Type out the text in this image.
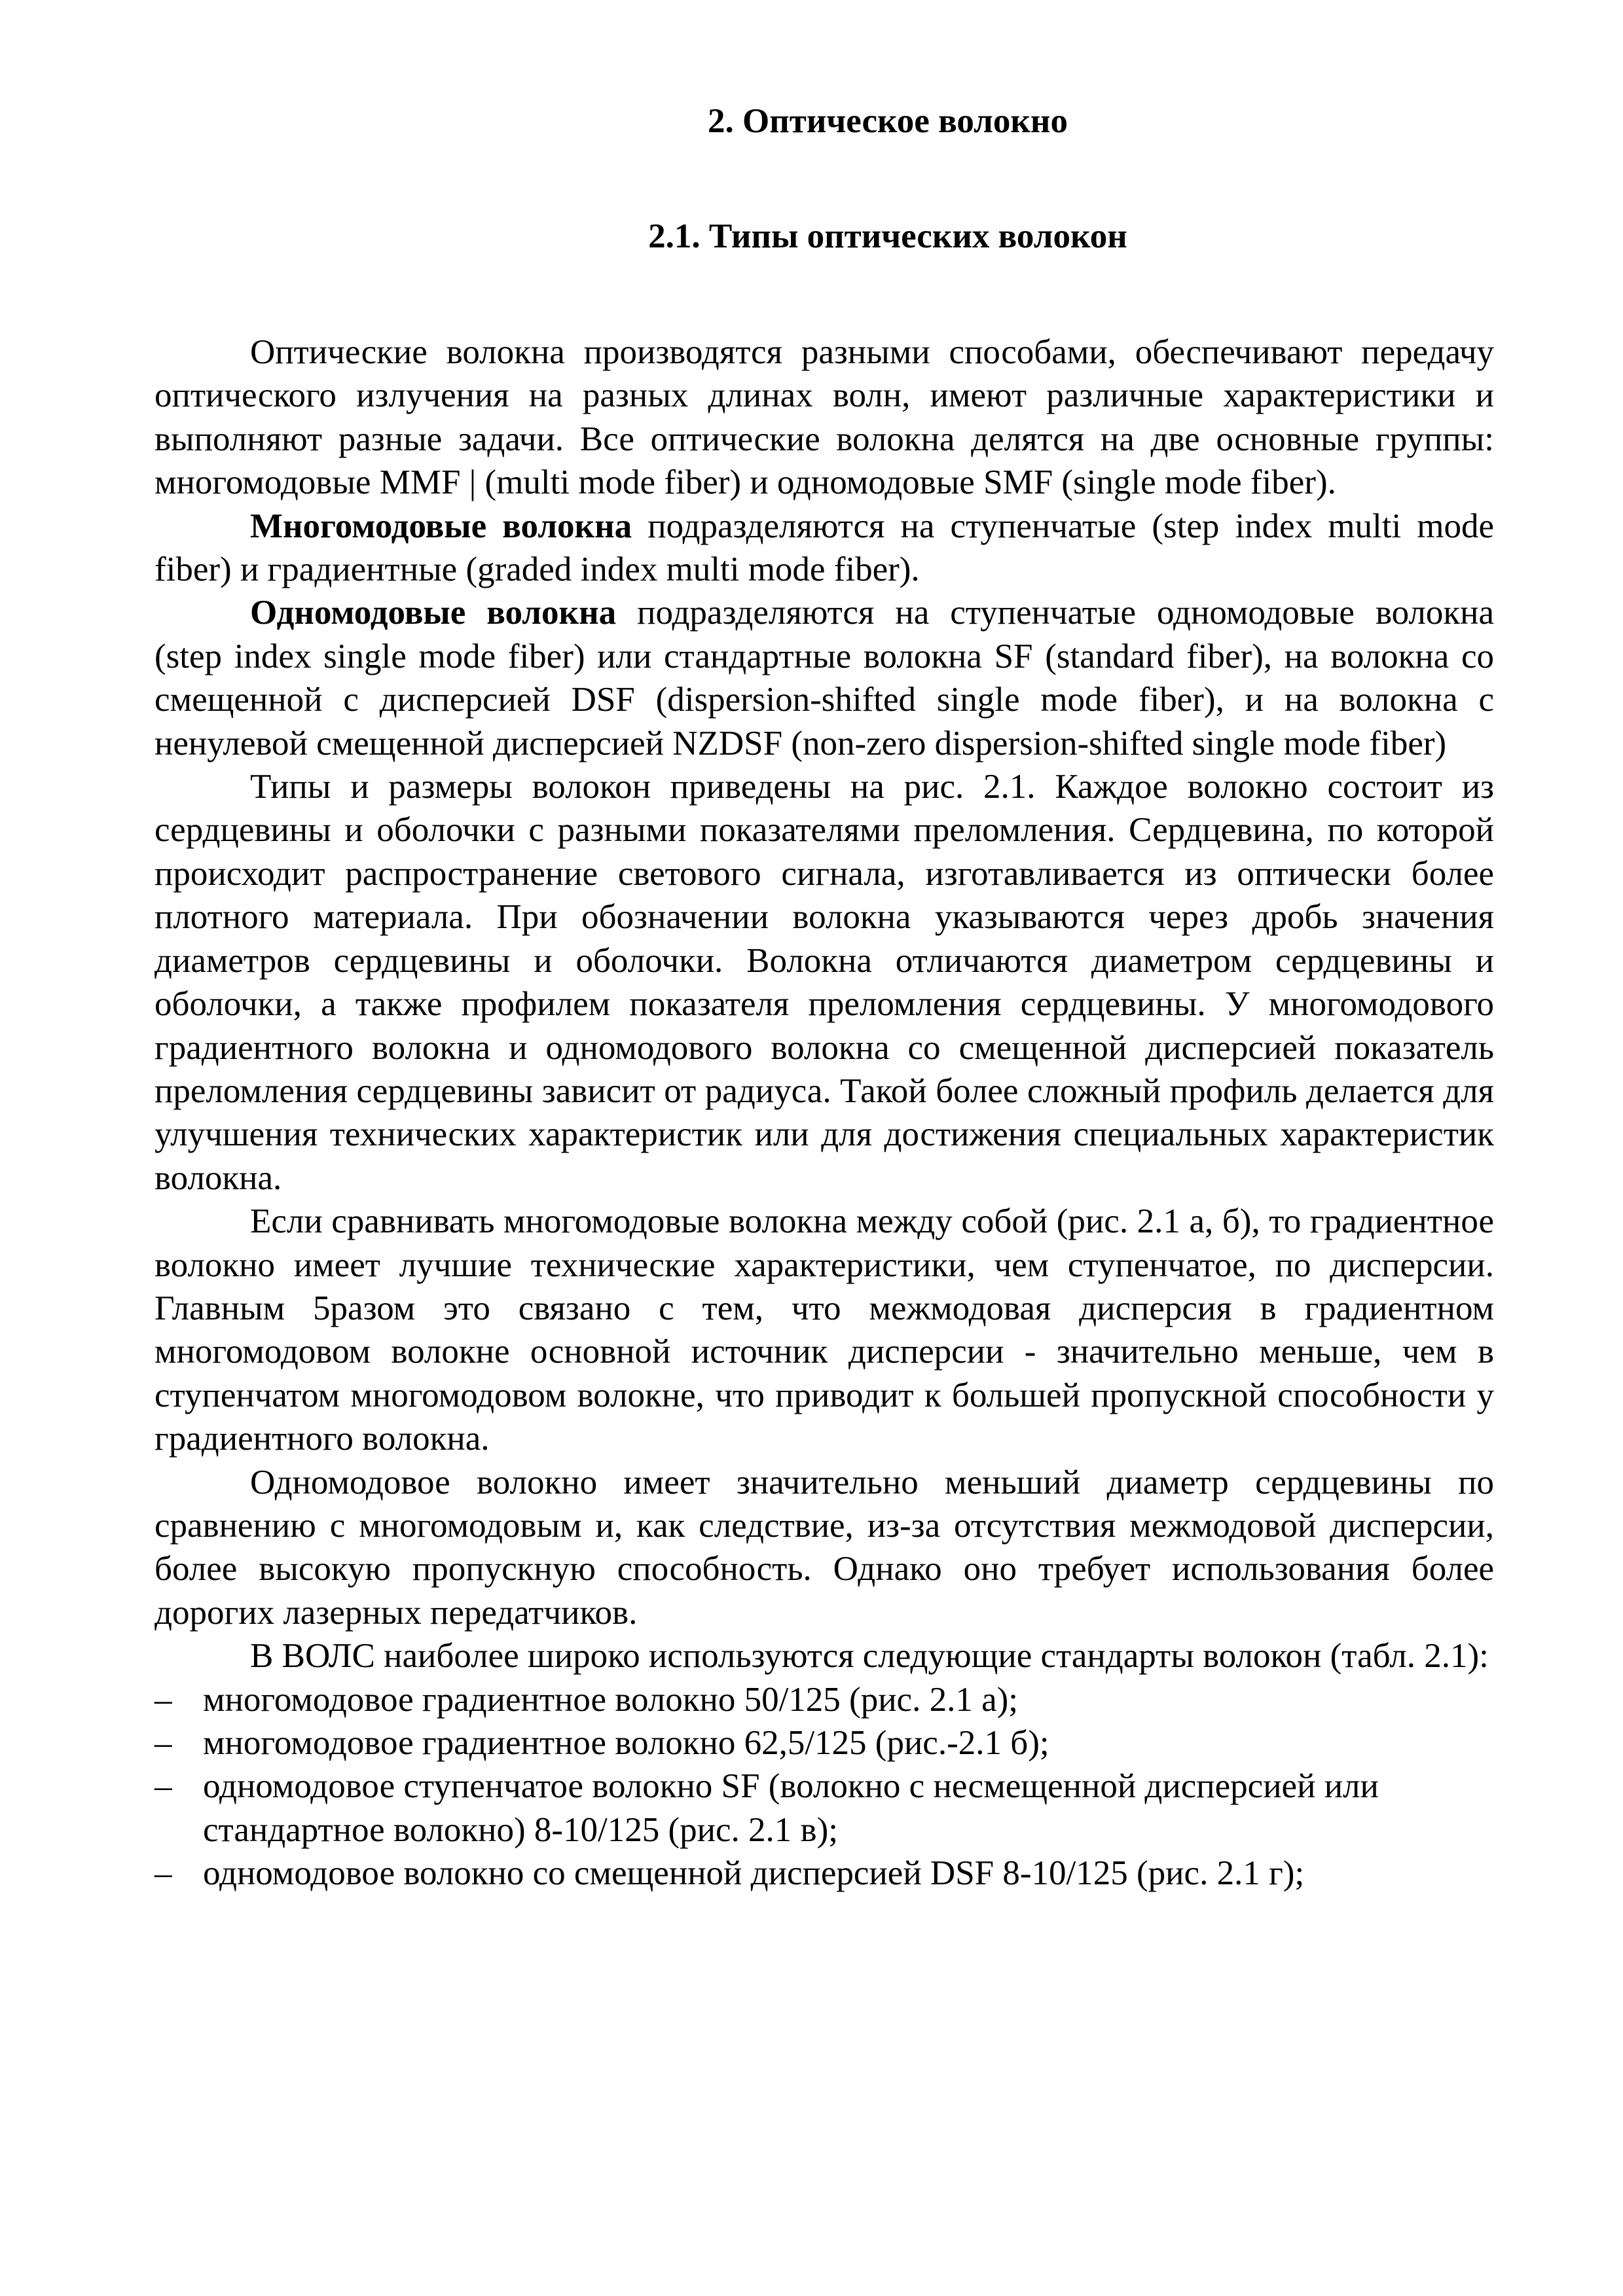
2. Оптическое волокно
2.1. Типы оптических волокон

Оптические волокна производятся разными способами, обеспечивают передачу оптического излучения на разных длинах волн, имеют различные характеристики и выполняют разные задачи. Все оптические волокна делятся на две основные группы: многомодовые MMF | (multi mode fiber) и одномодовые SMF (single mode fiber).

Многомодовые волокна подразделяются на ступенчатые (step index multi mode fiber) и градиентные (graded index multi mode fiber).

Одномодовые волокна подразделяются на ступенчатые одномодовые волокна (step index single mode fiber) или стандартные волокна SF (standard fiber), на волокна со смещенной с дисперсией DSF (dispersion-shifted single mode fiber), и на волокна с ненулевой смещенной дисперсией NZDSF (non-zero dispersion-shifted single mode fiber)

Типы и размеры волокон приведены на рис. 2.1. Каждое волокно состоит из сердцевины и оболочки с разными показателями преломления. Сердцевина, по которой происходит распространение светового сигнала, изготавливается из оптически более плотного материала. При обозначении волокна указываются через дробь значения диаметров сердцевины и оболочки. Волокна отличаются диаметром сердцевины и оболочки, а также профилем показателя преломления сердцевины. У многомодового градиентного волокна и одномодового волокна со смещенной дисперсией показатель преломления сердцевины зависит от радиуса. Такой более сложный профиль делается для улучшения технических характеристик или для достижения специальных характеристик волокна.

Если сравнивать многомодовые волокна между собой (рис. 2.1 а, б), то градиентное волокно имеет лучшие технические характеристики, чем ступенчатое, по дисперсии. Главным 5разом это связано с тем, что межмодовая дисперсия в градиентном многомодовом волокне основной источник дисперсии - значительно меньше, чем в ступенчатом многомодовом волокне, что приводит к большей пропускной способности у градиентного волокна.

Одномодовое волокно имеет значительно меньший диаметр сердцевины по сравнению с многомодовым и, как следствие, из-за отсутствия межмодовой дисперсии, более высокую пропускную способность. Однако оно требует использования более дорогих лазерных передатчиков.

В ВОЛС наиболее широко используются следующие стандарты волокон (табл. 2.1):

– многомодовое градиентное волокно 50/125 (рис. 2.1 а);
– многомодовое градиентное волокно 62,5/125 (рис.-2.1 б);
– одномодовое ступенчатое волокно SF (волокно с несмещенной дисперсией или стандартное волокно) 8-10/125 (рис. 2.1 в);
– одномодовое волокно со смещенной дисперсией DSF 8-10/125 (рис. 2.1 г);
